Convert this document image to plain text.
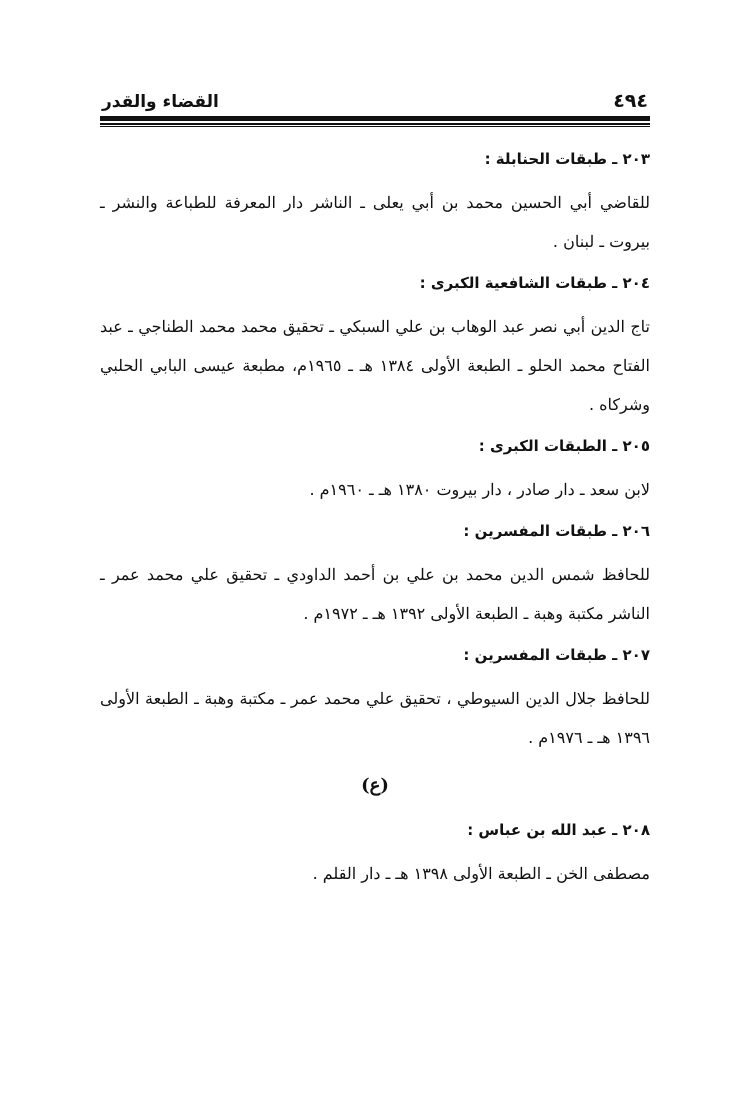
٤٩٤
القضاء والقدر

٢٠٣ ـ طبقات الحنابلة :

للقاضي أبي الحسين محمد بن أبي يعلى ـ الناشر دار المعرفة للطباعة والنشر ـ بيروت ـ لبنان .

٢٠٤ ـ طبقات الشافعية الكبرى :

تاج الدين أبي نصر عبد الوهاب بن علي السبكي ـ تحقيق محمد محمد الطناجي ـ عبد الفتاح محمد الحلو ـ الطبعة الأولى ١٣٨٤ هـ ـ ١٩٦٥م، مطبعة عيسى البابي الحلبي وشركاه .

٢٠٥ ـ الطبقات الكبرى :

لابن سعد ـ دار صادر ، دار بيروت ١٣٨٠ هـ ـ ١٩٦٠م .

٢٠٦ ـ طبقات المفسرين :

للحافظ شمس الدين محمد بن علي بن أحمد الداودي ـ تحقيق علي محمد عمر ـ الناشر مكتبة وهبة ـ الطبعة الأولى ١٣٩٢ هـ ـ ١٩٧٢م .

٢٠٧ ـ طبقات المفسرين :

للحافظ جلال الدين السيوطي ، تحقيق علي محمد عمر ـ مكتبة وهبة ـ الطبعة الأولى ١٣٩٦ هـ ـ ١٩٧٦م .

(ع)

٢٠٨ ـ عبد الله بن عباس :

مصطفى الخن ـ الطبعة الأولى ١٣٩٨ هـ ـ دار القلم .
